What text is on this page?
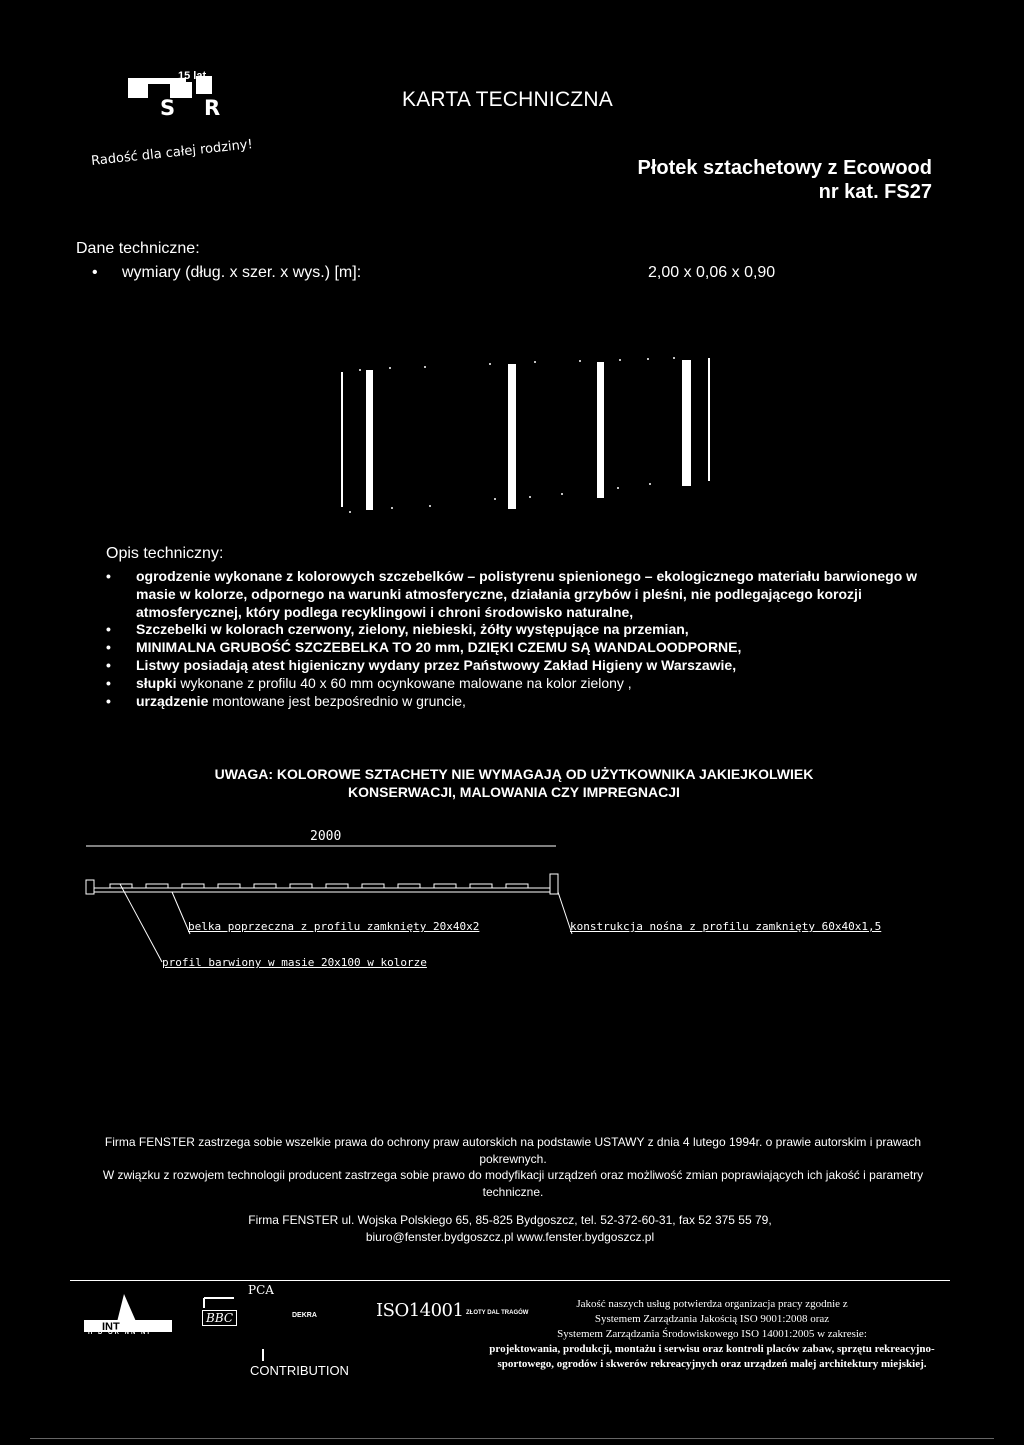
15 lat
S R	KARTA TECHNICZNA
Radość dla całej rodziny!	Płotek sztachetowy z Ecowood
nr kat. FS27
Dane techniczne:
• wymiary (dług. x szer. x wys.) [m]:	2,00 x 0,06 x 0,90
Opis techniczny:
• ogrodzenie wykonane z kolorowych szczebelków – polistyrenu spienionego – ekologicznego materiału barwionego w masie w kolorze, odpornego na warunki atmosferyczne, działania grzybów i pleśni, nie podlegającego korozji atmosferycznej, który podlega recyklingowi i chroni środowisko naturalne,
• Szczebelki w kolorach czerwony, zielony, niebieski, żółty występujące na przemian,
• MINIMALNA GRUBOŚĆ SZCZEBELKA TO 20 mm, DZIĘKI CZEMU SĄ WANDALOODPORNE,
• Listwy posiadają atest higieniczny wydany przez Państwowy Zakład Higieny w Warszawie,
• słupki wykonane z profilu 40 x 60 mm ocynkowane malowane na kolor zielony ,
• urządzenie montowane jest bezpośrednio w gruncie,
UWAGA: KOLOROWE SZTACHETY NIE WYMAGAJĄ OD UŻYTKOWNIKA JAKIEJKOLWIEK
KONSERWACJI, MALOWANIA CZY IMPREGNACJI
2000
belka poprzeczna z profilu zamknięty 20x40x2	konstrukcja nośna z profilu zamknięty 60x40x1,5
profil barwiony w masie 20x100 w kolorze
Firma FENSTER zastrzega sobie wszelkie prawa do ochrony praw autorskich na podstawie USTAWY z dnia 4 lutego 1994r. o prawie autorskim i prawach pokrewnych.
W związku z rozwojem technologii producent zastrzega sobie prawo do modyfikacji urządzeń oraz możliwość zmian poprawiających ich jakość i parametry techniczne.
Firma FENSTER ul. Wojska Polskiego 65, 85-825 Bydgoszcz, tel. 52-372-60-31, fax 52 375 55 79,
biuro@fenster.bydgoszcz.pl www.fenster.bydgoszcz.pl
INT
H D OR NN NI
BBC
PCA
DEKRA	ISO14001 ZŁOTY DAL TRAGÓW
CONTRIBUTION
Jakość naszych usług potwierdza organizacja pracy zgodnie z
Systemem Zarządzania Jakością ISO 9001:2008 oraz
Systemem Zarządzania Środowiskowego ISO 14001:2005 w zakresie:
projektowania, produkcji, montażu i serwisu oraz kontroli placów zabaw, sprzętu rekreacyjno-sportowego, ogrodów i skwerów rekreacyjnych oraz urządzeń malej architektury miejskiej.
